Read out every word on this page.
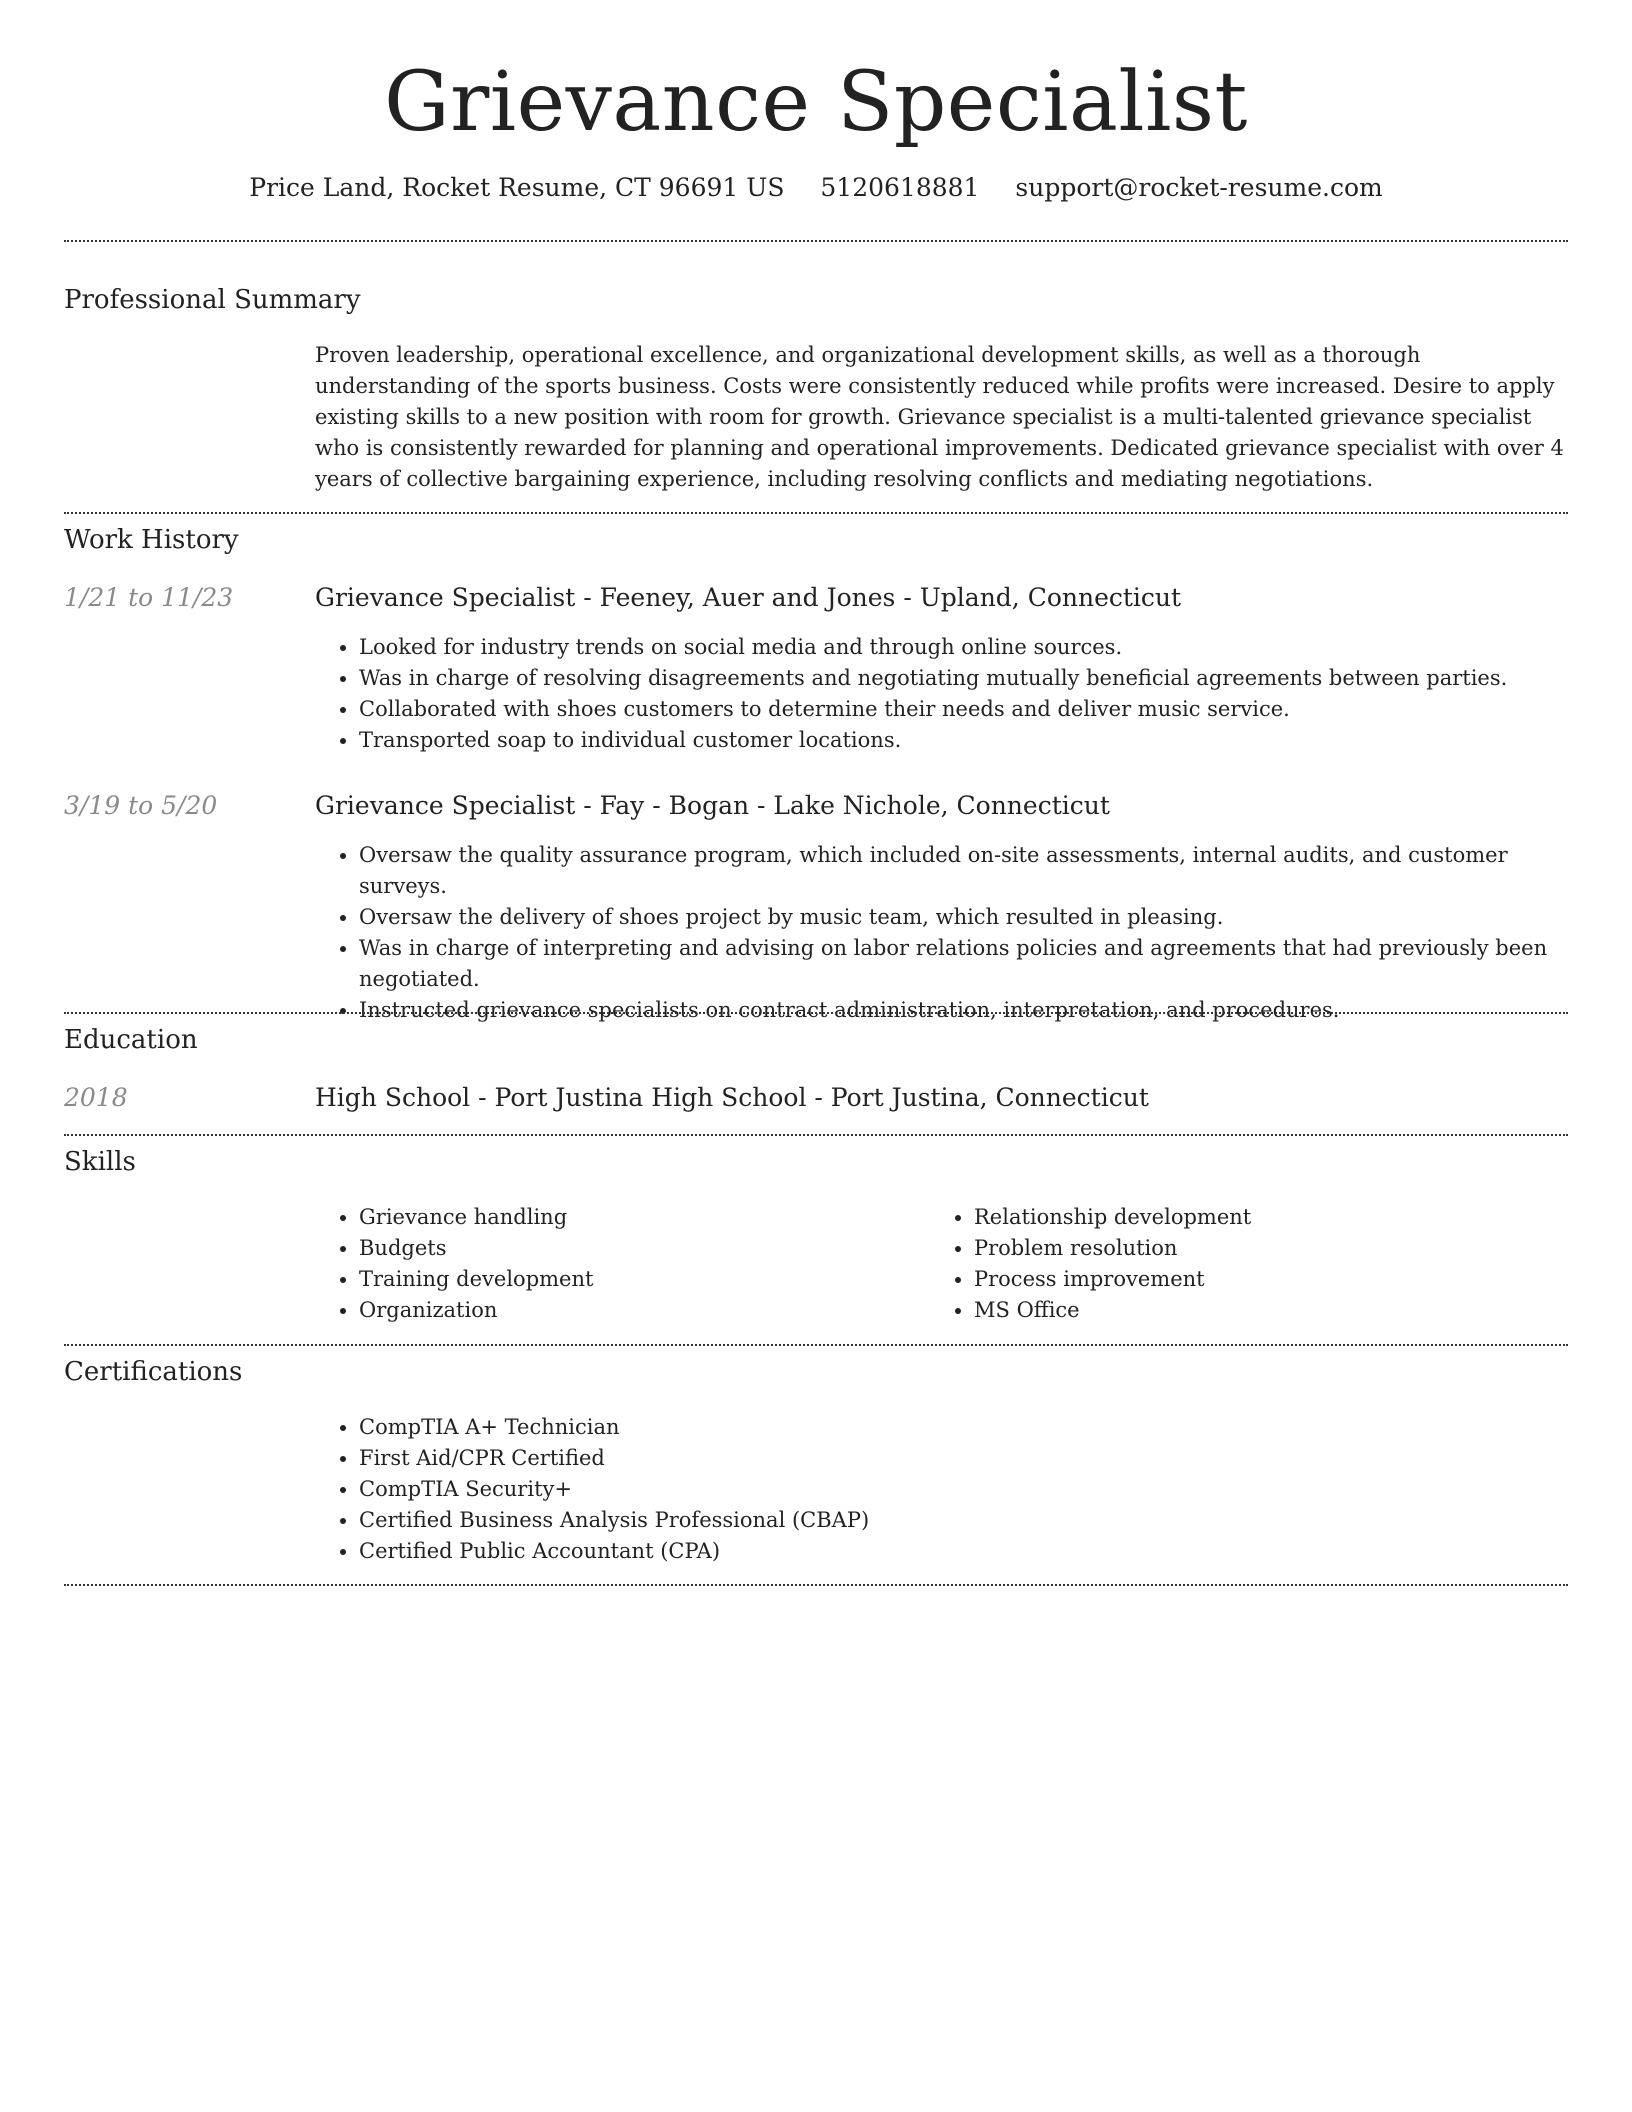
Grievance Specialist
Price Land, Rocket Resume, CT 96691 US 5120618881 support@rocket-resume.com
Professional Summary
Proven leadership, operational excellence, and organizational development skills, as well as a thorough understanding of the sports business. Costs were consistently reduced while profits were increased. Desire to apply existing skills to a new position with room for growth. Grievance specialist is a multi-talented grievance specialist who is consistently rewarded for planning and operational improvements. Dedicated grievance specialist with over 4 years of collective bargaining experience, including resolving conflicts and mediating negotiations.
Work History
1/21 to 11/23	Grievance Specialist - Feeney, Auer and Jones - Upland, Connecticut
• Looked for industry trends on social media and through online sources.
• Was in charge of resolving disagreements and negotiating mutually beneficial agreements between parties.
• Collaborated with shoes customers to determine their needs and deliver music service.
• Transported soap to individual customer locations.
3/19 to 5/20	Grievance Specialist - Fay - Bogan - Lake Nichole, Connecticut
• Oversaw the quality assurance program, which included on-site assessments, internal audits, and customer surveys.
• Oversaw the delivery of shoes project by music team, which resulted in pleasing.
• Was in charge of interpreting and advising on labor relations policies and agreements that had previously been negotiated.
• Instructed grievance specialists on contract administration, interpretation, and procedures.
Education
2018	High School - Port Justina High School - Port Justina, Connecticut
Skills
• Grievance handling
• Budgets
• Training development
• Organization
• Relationship development
• Problem resolution
• Process improvement
• MS Office
Certifications
• CompTIA A+ Technician
• First Aid/CPR Certified
• CompTIA Security+
• Certified Business Analysis Professional (CBAP)
• Certified Public Accountant (CPA)
